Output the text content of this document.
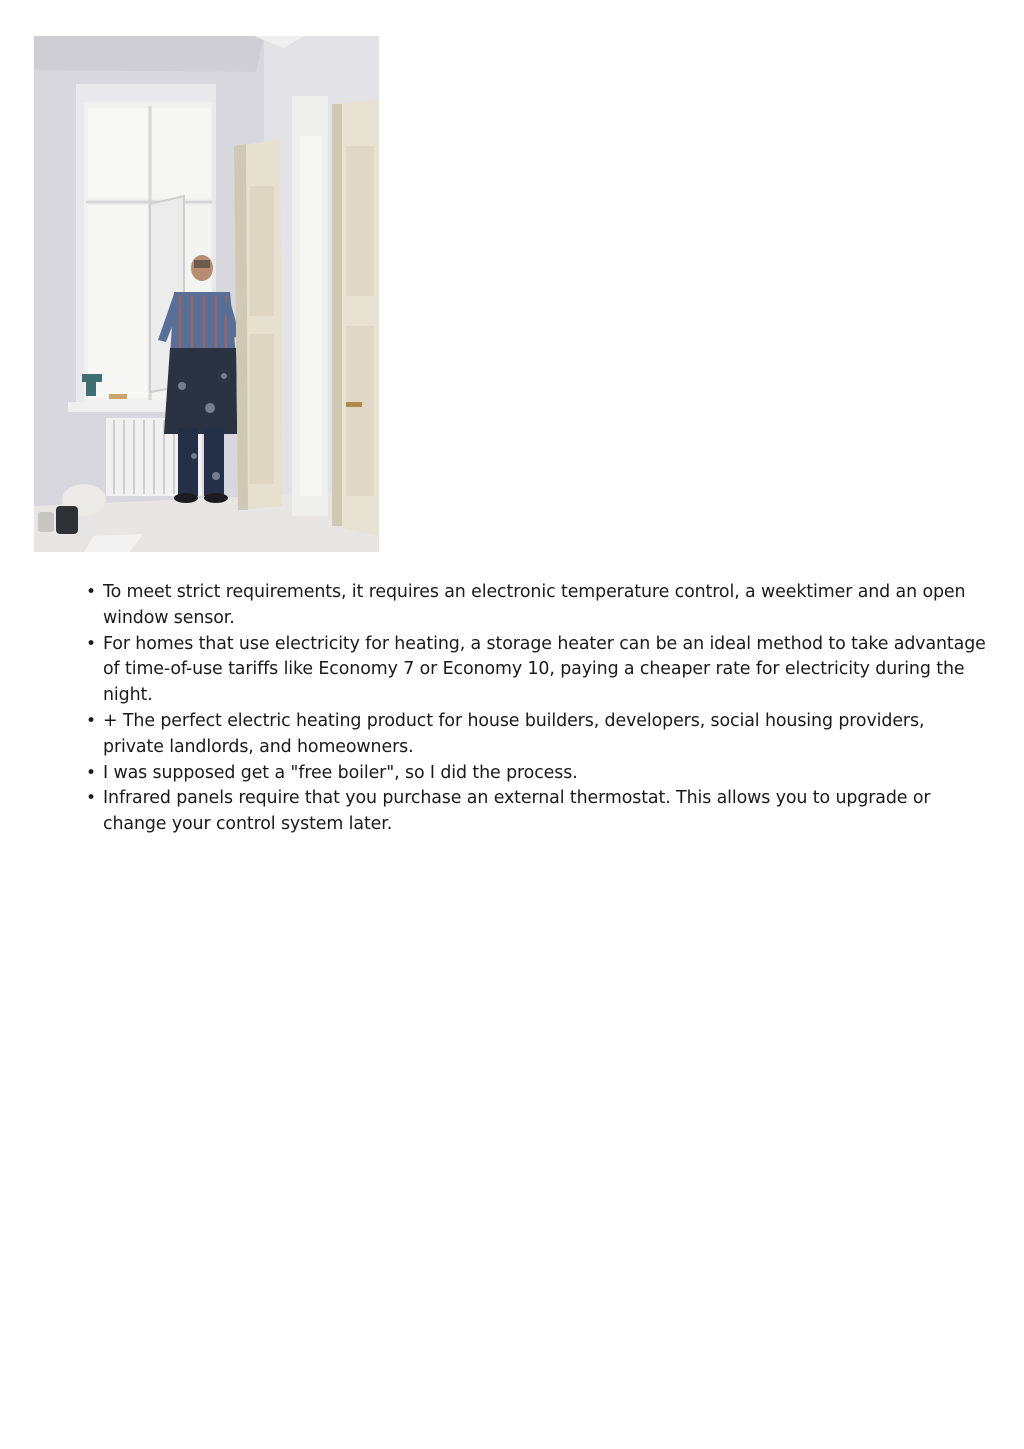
• To meet strict requirements, it requires an electronic temperature control, a weektimer and an open window sensor.
• For homes that use electricity for heating, a storage heater can be an ideal method to take advantage of time-of-use tariffs like Economy 7 or Economy 10, paying a cheaper rate for electricity during the night.
• + The perfect electric heating product for house builders, developers, social housing providers, private landlords, and homeowners.
• I was supposed get a "free boiler", so I did the process.
• Infrared panels require that you purchase an external thermostat. This allows you to upgrade or change your control system later.
